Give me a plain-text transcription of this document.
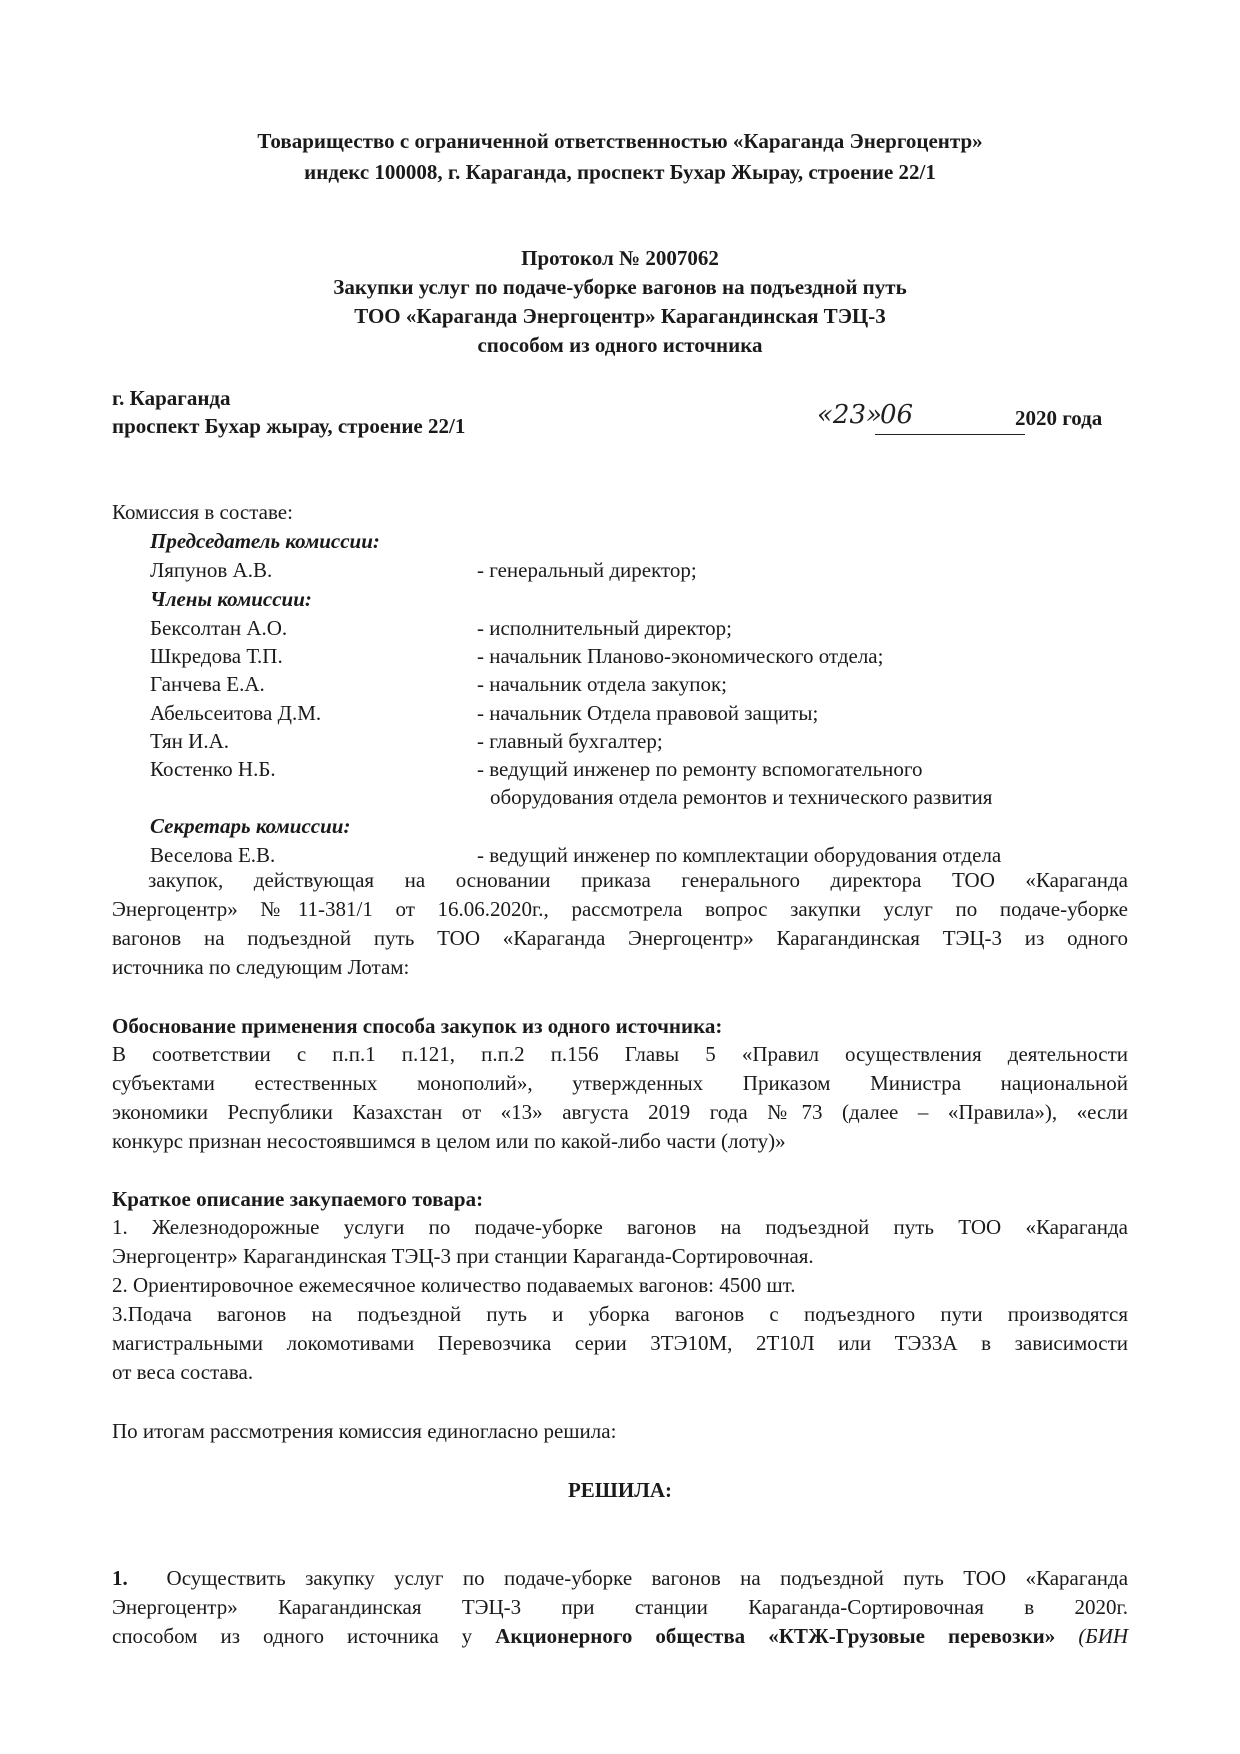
Товарищество с ограниченной ответственностью «Караганда Энергоцентр»
индекс 100008, г. Караганда, проспект Бухар Жырау, строение 22/1
Протокол № 2007062
Закупки услуг по подаче-уборке вагонов на подъездной путь
ТОО «Караганда Энергоцентр» Карагандинская ТЭЦ-3
способом из одного источника
г. Караганда
проспект Бухар жырау, строение 22/1	«23»
06	2020 года
Комиссия в составе:
Председатель комиссии:
Ляпунов А.В.	- генеральный директор;
Члены комиссии:
Бексолтан А.О.	- исполнительный директор;
Шкредова Т.П.	- начальник Планово-экономического отдела;
Ганчева Е.А.	- начальник отдела закупок;
Абельсеитова Д.М.	- начальник Отдела правовой защиты;
Тян И.А.	- главный бухгалтер;
Костенко Н.Б.	- ведущий инженер по ремонту вспомогательного
оборудования отдела ремонтов и технического развития
Секретарь комиссии:
Веселова Е.В.	- ведущий инженер по комплектации оборудования отдела
закупок, действующая на основании приказа генерального директора ТОО «Караганда
Энергоцентр» №11-381/1 от 16.06.2020г., рассмотрела вопрос закупки услуг по подаче-уборке
вагонов на подъездной путь ТОО «Караганда Энергоцентр» Карагандинская ТЭЦ-3 из одного
источника по следующим Лотам:
Обоснование применения способа закупок из одного источника:
В соответствии с п.п.1 п.121, п.п.2 п.156 Главы 5 «Правил осуществления деятельности
субъектами естественных монополий», утвержденных Приказом Министра национальной
экономики Республики Казахстан от «13» августа 2019 года №73 (далее – «Правила»), «если
конкурс признан несостоявшимся в целом или по какой-либо части (лоту)»
Краткое описание закупаемого товара:
1. Железнодорожные услуги по подаче-уборке вагонов на подъездной путь ТОО «Караганда
Энергоцентр» Карагандинская ТЭЦ-3 при станции Караганда-Сортировочная.
2. Ориентировочное ежемесячное количество подаваемых вагонов: 4500 шт.
3.Подача вагонов на подъездной путь и уборка вагонов с подъездного пути производятся
магистральными локомотивами Перевозчика серии 3ТЭ10М, 2Т10Л или ТЭ33А в зависимости
от веса состава.
По итогам рассмотрения комиссия единогласно решила:
РЕШИЛА:
1. Осуществить закупку услуг по подаче-уборке вагонов на подъездной путь ТОО «Караганда
Энергоцентр» Карагандинская ТЭЦ-3 при станции Караганда-Сортировочная в 2020г.
способом из одного источника у Акционерного общества «КТЖ-Грузовые перевозки» (БИН
